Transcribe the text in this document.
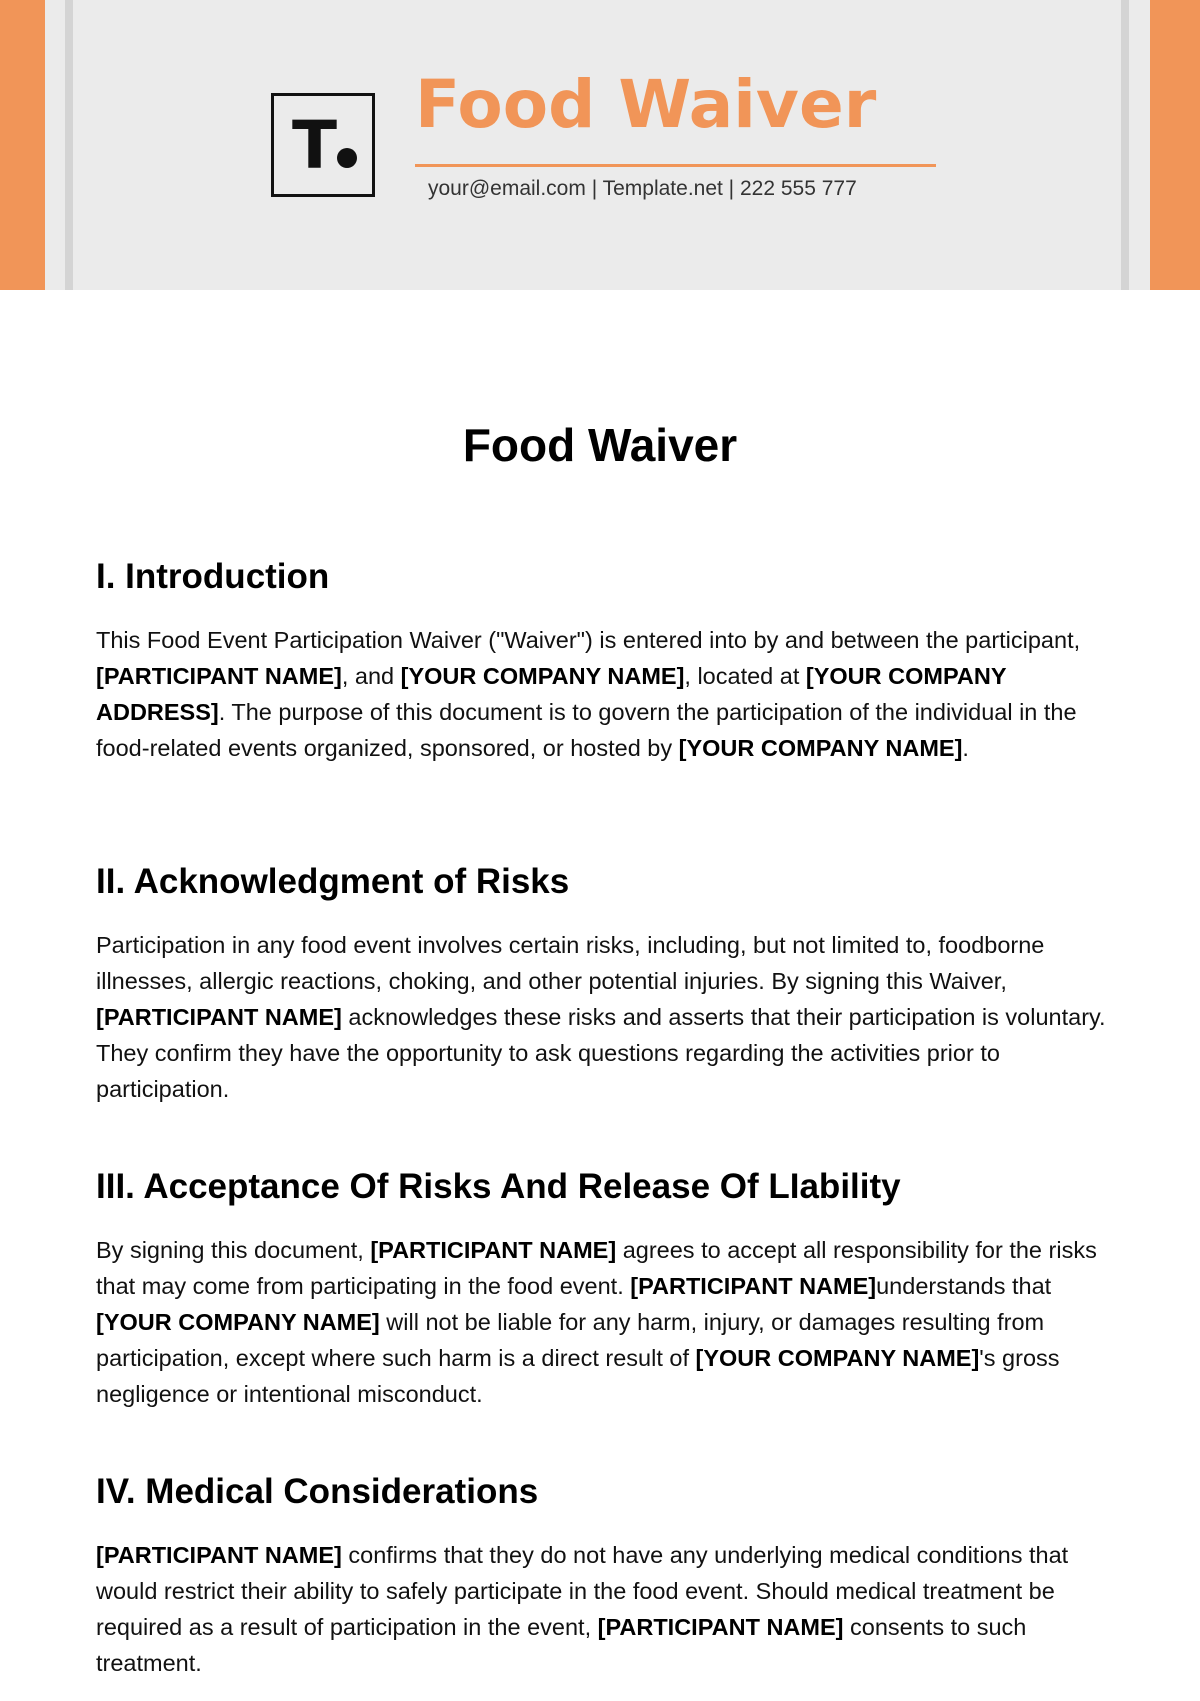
T
Food Waiver
your@email.com | Template.net | 222 555 777
Food Waiver
I. Introduction

This Food Event Participation Waiver ("Waiver") is entered into by and between the participant, [PARTICIPANT NAME], and [YOUR COMPANY NAME], located at [YOUR COMPANY ADDRESS]. The purpose of this document is to govern the participation of the individual in the food-related events organized, sponsored, or hosted by [YOUR COMPANY NAME].

II. Acknowledgment of Risks

Participation in any food event involves certain risks, including, but not limited to, foodborne illnesses, allergic reactions, choking, and other potential injuries. By signing this Waiver, [PARTICIPANT NAME] acknowledges these risks and asserts that their participation is voluntary. They confirm they have the opportunity to ask questions regarding the activities prior to participation.

III. Acceptance Of Risks And Release Of LIability

By signing this document, [PARTICIPANT NAME] agrees to accept all responsibility for the risks that may come from participating in the food event. [PARTICIPANT NAME]understands that [YOUR COMPANY NAME] will not be liable for any harm, injury, or damages resulting from participation, except where such harm is a direct result of [YOUR COMPANY NAME]'s gross negligence or intentional misconduct.

IV. Medical Considerations

[PARTICIPANT NAME] confirms that they do not have any underlying medical conditions that would restrict their ability to safely participate in the food event. Should medical treatment be required as a result of participation in the event, [PARTICIPANT NAME] consents to such treatment.
